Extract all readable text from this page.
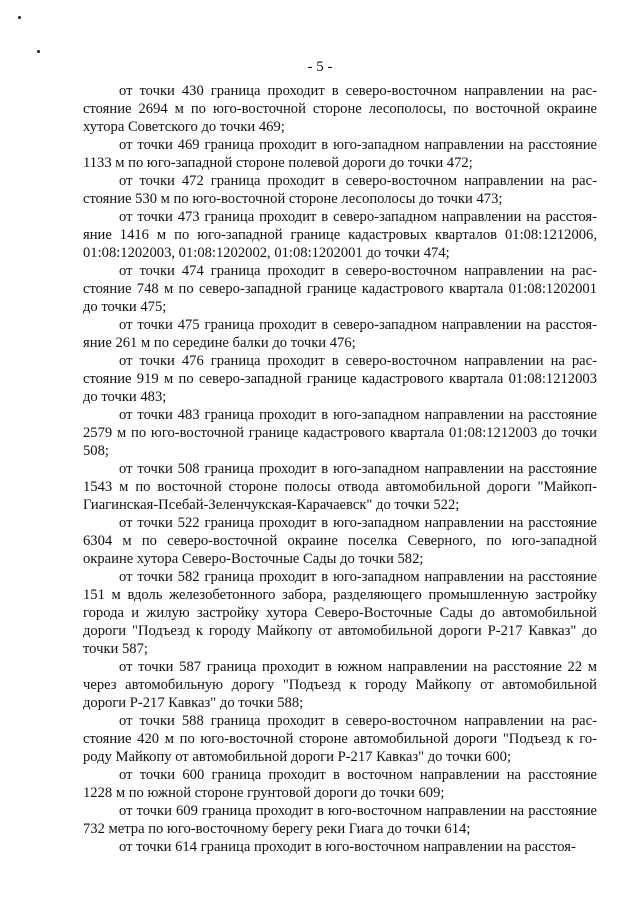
- 5 -

от точки 430 граница проходит в северо-восточном направлении на расстояние 2694 м по юго-восточной стороне лесополосы, по восточной окраине хутора Советского до точки 469;

от точки 469 граница проходит в юго-западном направлении на расстояние 1133 м по юго-западной стороне полевой дороги до точки 472;

от точки 472 граница проходит в северо-восточном направлении на расстояние 530 м по юго-восточной стороне лесополосы до точки 473;

от точки 473 граница проходит в северо-западном направлении на расстояяние 1416 м по юго-западной границе кадастровых кварталов 01:08:1212006, 01:08:1202003, 01:08:1202002, 01:08:1202001 до точки 474;

от точки 474 граница проходит в северо-восточном направлении на расстояние 748 м по северо-западной границе кадастрового квартала 01:08:1202001 до точки 475;

от точки 475 граница проходит в северо-западном направлении на расстояяние 261 м по середине балки до точки 476;

от точки 476 граница проходит в северо-восточном направлении на расстояние 919 м по северо-западной границе кадастрового квартала 01:08:1212003 до точки 483;

от точки 483 граница проходит в юго-западном направлении на расстояние 2579 м по юго-восточной границе кадастрового квартала 01:08:1212003 до точки 508;

от точки 508 граница проходит в юго-западном направлении на расстояние 1543 м по восточной стороне полосы отвода автомобильной дороги "Майкоп-Гиагинская-Псебай-Зеленчукская-Карачаевск" до точки 522;

от точки 522 граница проходит в юго-западном направлении на расстояние 6304 м по северо-восточной окраине поселка Северного, по юго-западной окраине хутора Северо-Восточные Сады до точки 582;

от точки 582 граница проходит в юго-западном направлении на расстояние 151 м вдоль железобетонного забора, разделяющего промышленную застройку города и жилую застройку хутора Северо-Восточные Сады до автомобильной дороги "Подъезд к городу Майкопу от автомобильной дороги Р-217 Кавказ" до точки 587;

от точки 587 граница проходит в южном направлении на расстояние 22 м через автомобильную дорогу "Подъезд к городу Майкопу от автомобильной дороги Р-217 Кавказ" до точки 588;

от точки 588 граница проходит в северо-восточном направлении на расстояние 420 м по юго-восточной стороне автомобильной дороги "Подъезд к городу Майкопу от автомобильной дороги Р-217 Кавказ" до точки 600;

от точки 600 граница проходит в восточном направлении на расстояние 1228 м по южной стороне грунтовой дороги до точки 609;

от точки 609 граница проходит в юго-восточном направлении на расстояние 732 метра по юго-восточному берегу реки Гиага до точки 614;

от точки 614 граница проходит в юго-восточном направлении на расстоя-
